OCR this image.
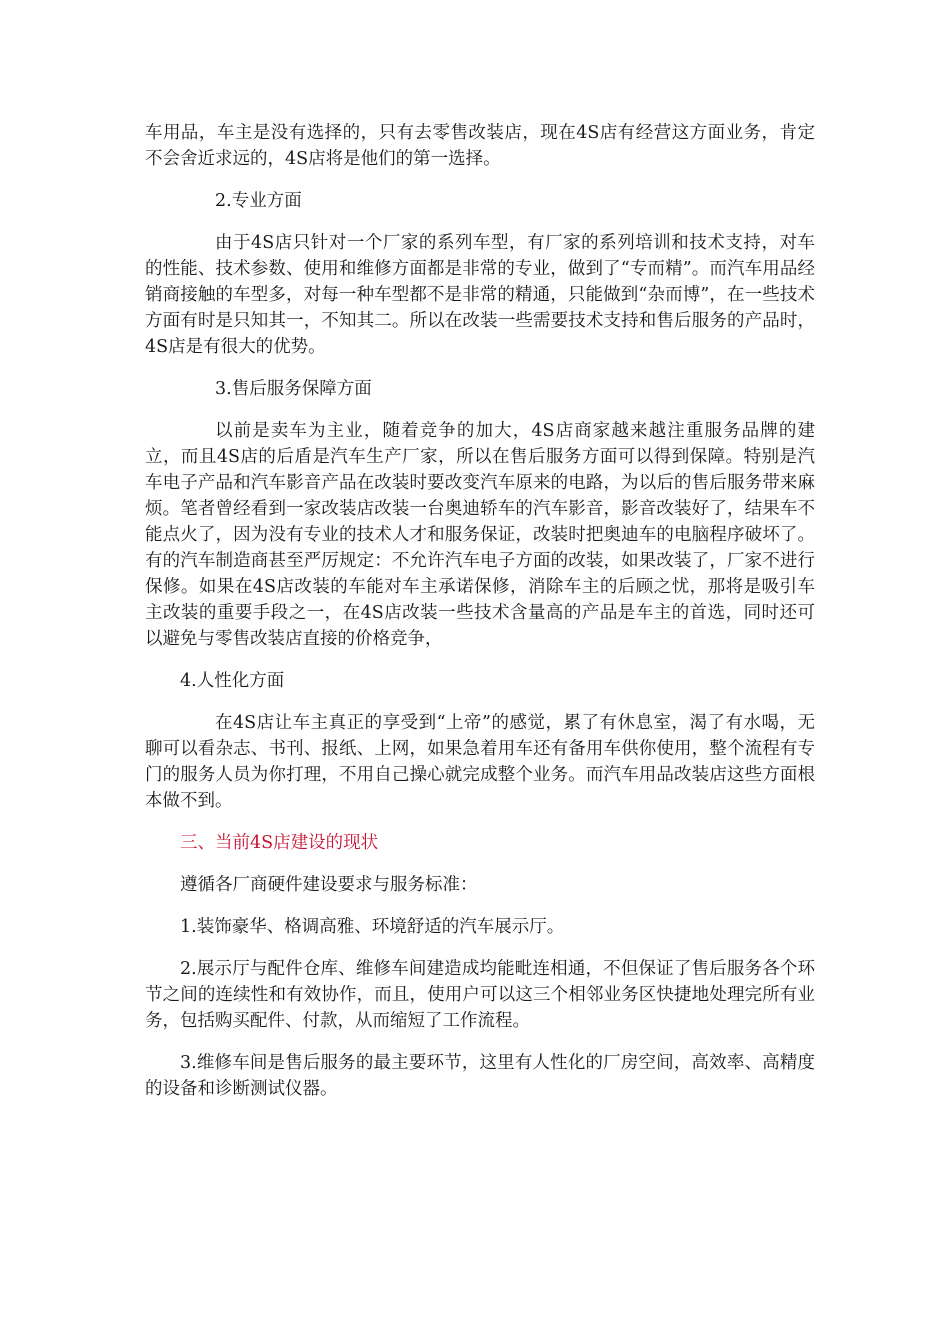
车用品，车主是没有选择的，只有去零售改装店，现在4S店有经营这方面业务，肯定不会舍近求远的，4S店将是他们的第一选择。

2.专业方面

由于4S店只针对一个厂家的系列车型，有厂家的系列培训和技术支持，对车的性能、技术参数、使用和维修方面都是非常的专业，做到了“专而精”。而汽车用品经销商接触的车型多，对每一种车型都不是非常的精通，只能做到“杂而博”，在一些技术方面有时是只知其一，不知其二。所以在改装一些需要技术支持和售后服务的产品时，4S店是有很大的优势。

3.售后服务保障方面

以前是卖车为主业，随着竞争的加大，4S店商家越来越注重服务品牌的建立，而且4S店的后盾是汽车生产厂家，所以在售后服务方面可以得到保障。特别是汽车电子产品和汽车影音产品在改装时要改变汽车原来的电路，为以后的售后服务带来麻烦。笔者曾经看到一家改装店改装一台奥迪轿车的汽车影音，影音改装好了，结果车不能点火了，因为没有专业的技术人才和服务保证，改装时把奥迪车的电脑程序破坏了。有的汽车制造商甚至严厉规定：不允许汽车电子方面的改装，如果改装了，厂家不进行保修。如果在4S店改装的车能对车主承诺保修，消除车主的后顾之忧，那将是吸引车主改装的重要手段之一，在4S店改装一些技术含量高的产品是车主的首选，同时还可以避免与零售改装店直接的价格竞争，

4.人性化方面

在4S店让车主真正的享受到“上帝”的感觉，累了有休息室，渴了有水喝，无聊可以看杂志、书刊、报纸、上网，如果急着用车还有备用车供你使用，整个流程有专门的服务人员为你打理，不用自己操心就完成整个业务。而汽车用品改装店这些方面根本做不到。

三、当前4S店建设的现状
遵循各厂商硬件建设要求与服务标准：
1.装饰豪华、格调高雅、环境舒适的汽车展示厅。

2.展示厅与配件仓库、维修车间建造成均能毗连相通，不但保证了售后服务各个环节之间的连续性和有效协作，而且，使用户可以这三个相邻业务区快捷地处理完所有业务，包括购买配件、付款，从而缩短了工作流程。

3.维修车间是售后服务的最主要环节，这里有人性化的厂房空间，高效率、高精度的设备和诊断测试仪器。
